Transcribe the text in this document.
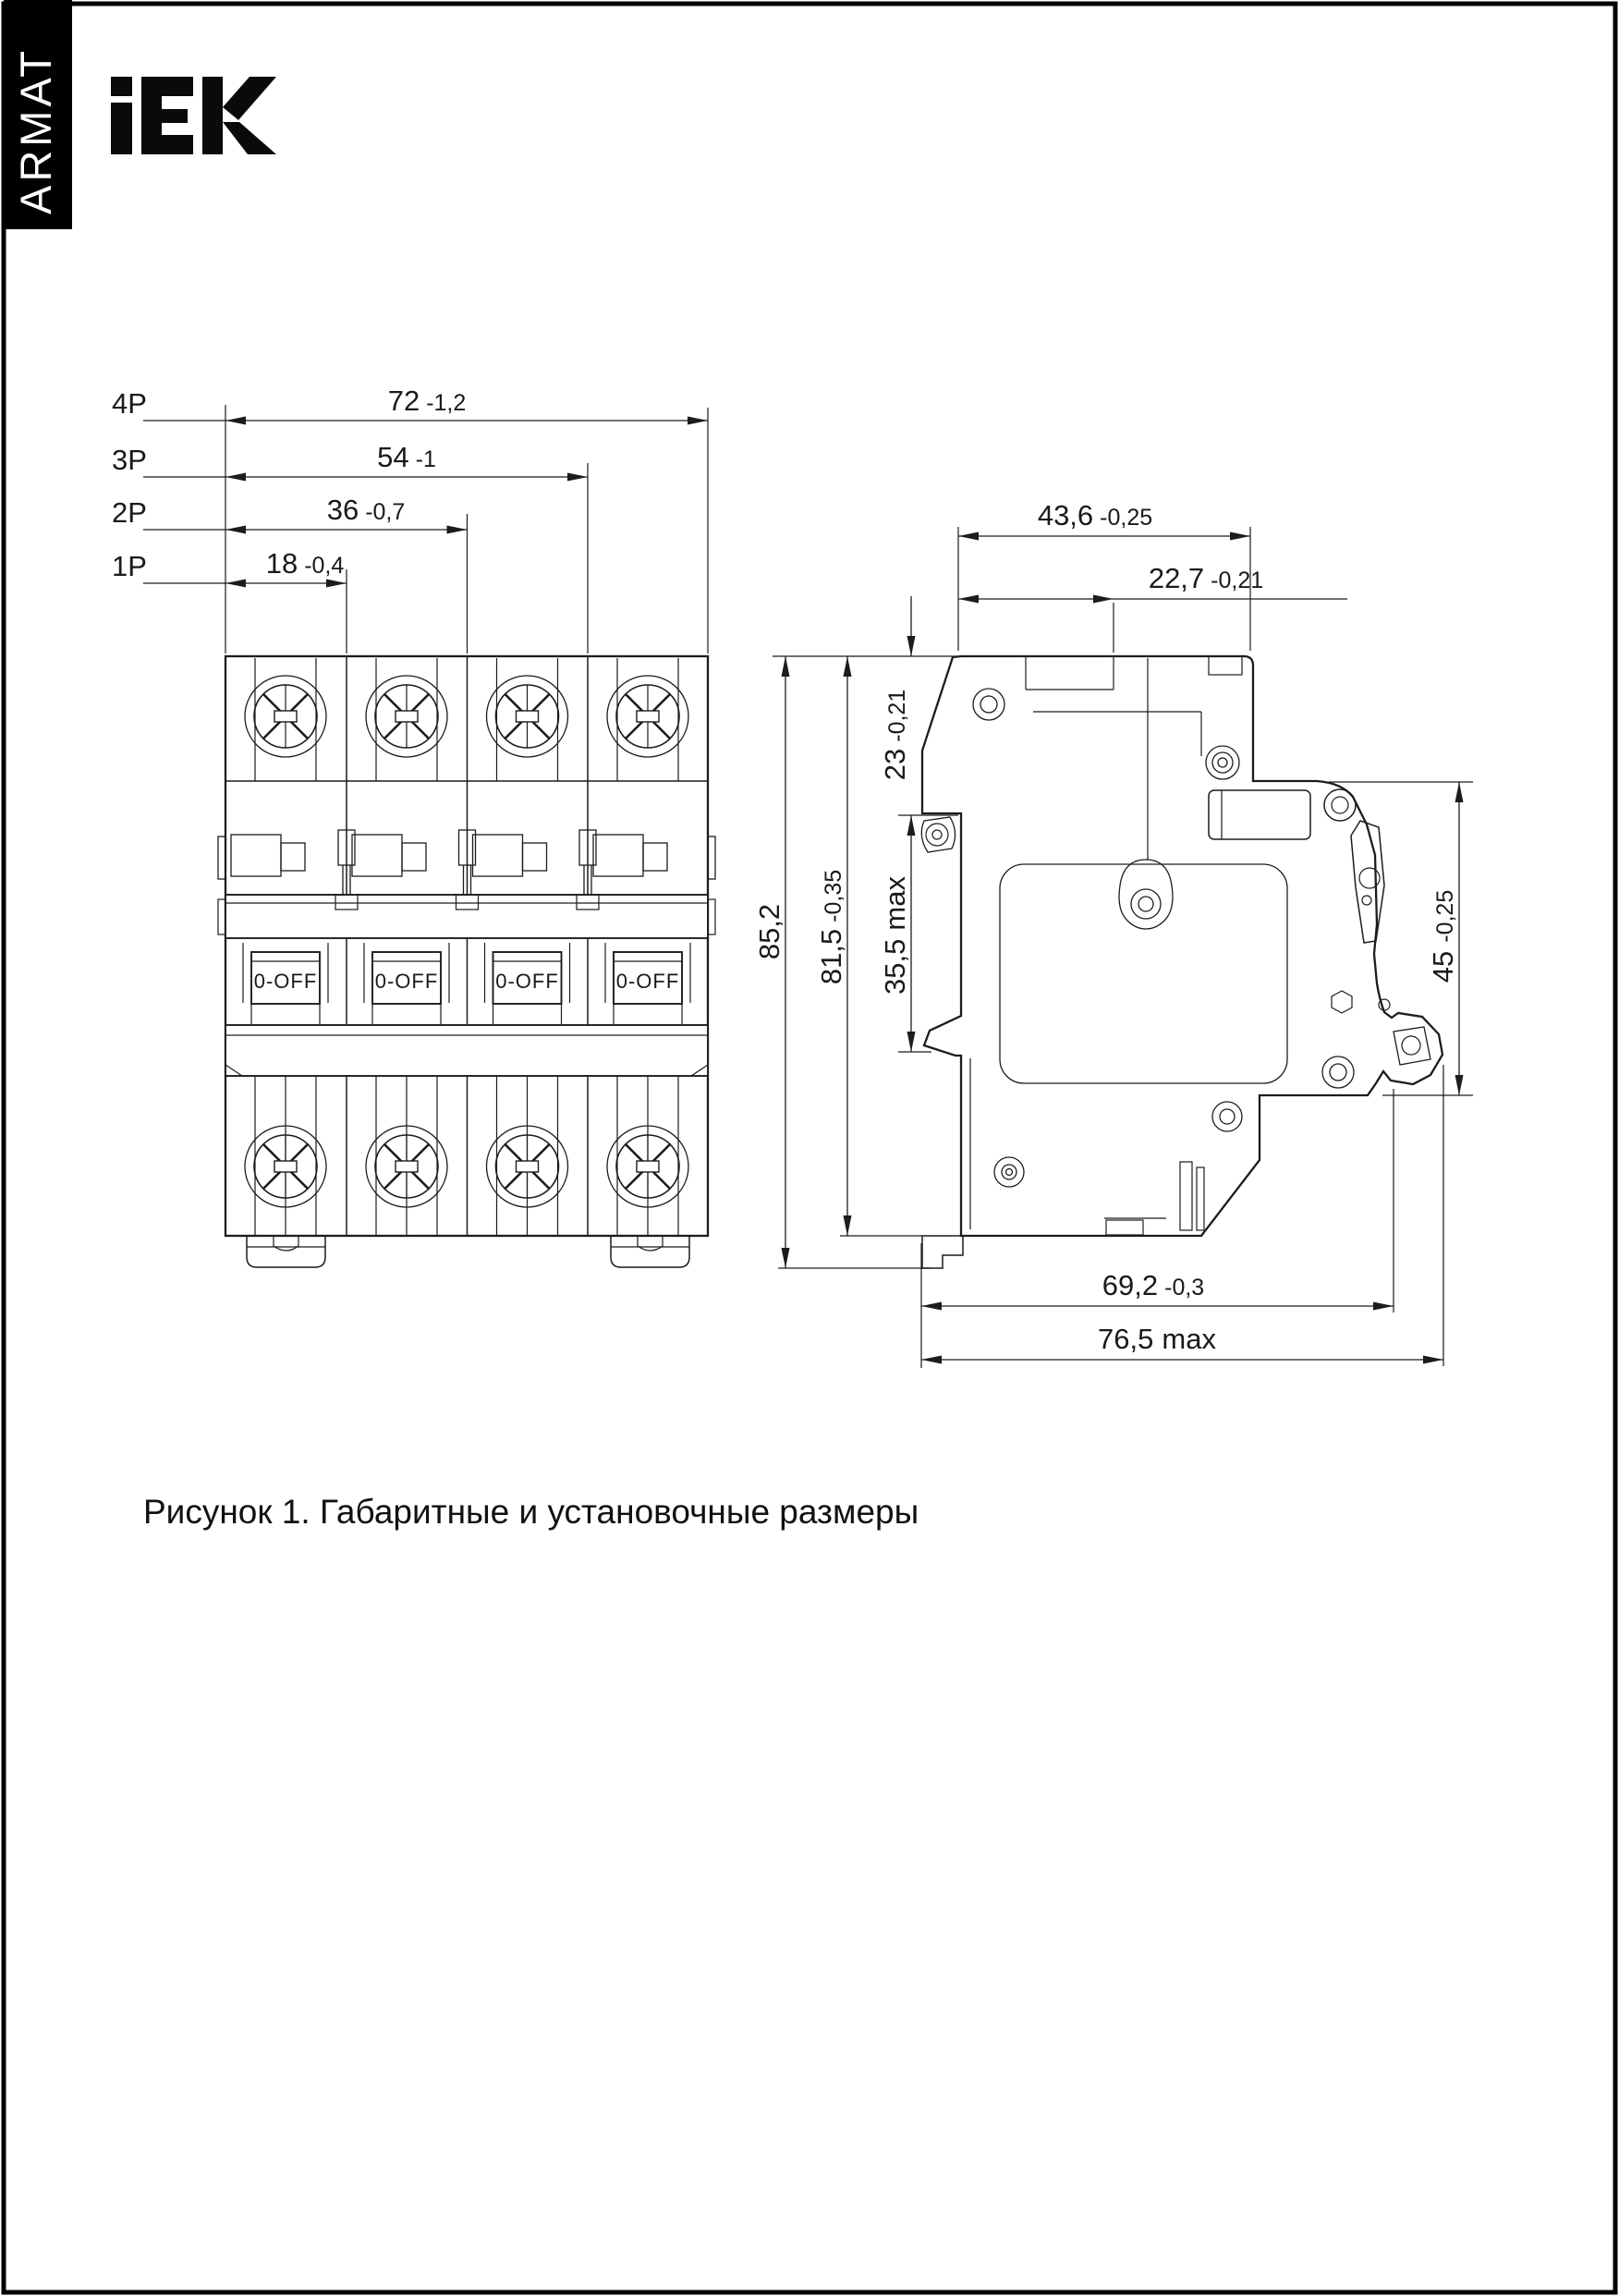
ARMAT
4P
3P
2P
1P
72 -1,2
54 -1
36 -0,7
18 -0,4
0-OFF	0-OFF	0-OFF	0-OFF
43,6 -0,25
22,7 -0,21
85,2 81,5-0,35
23-0,21
35,5max
45-0,25
69,2 -0,3
76,5 max
Рисунок 1. Габаритные и установочные размеры
